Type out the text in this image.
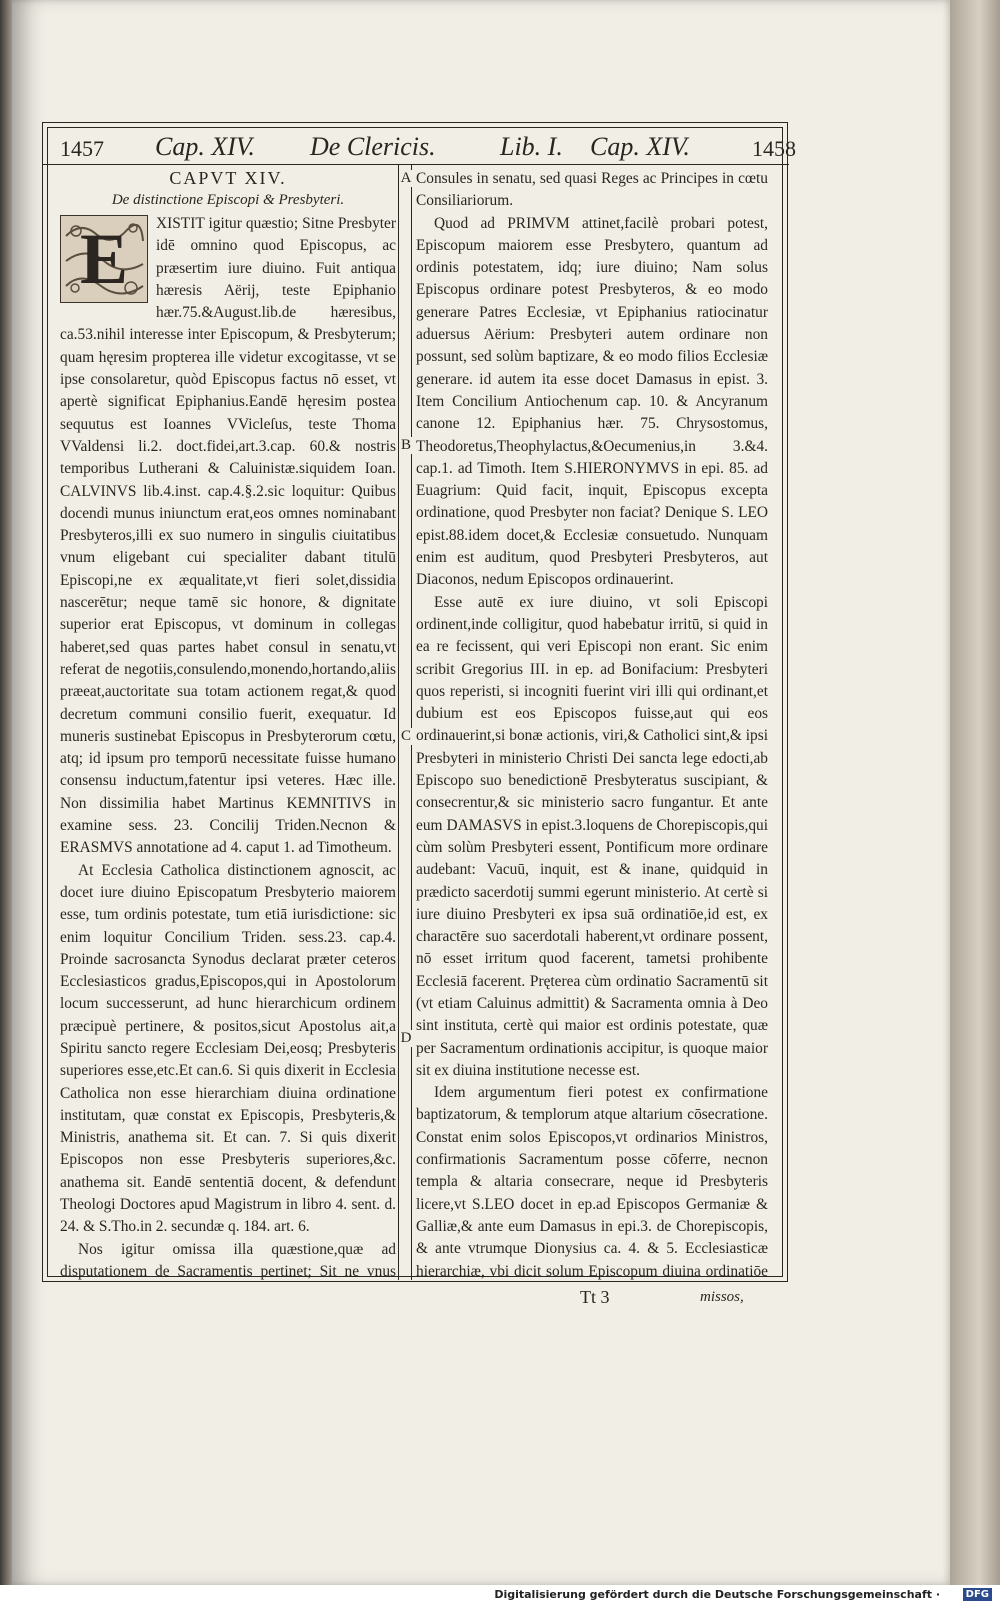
1457 Cap. XIV. De Clericis. Lib. I. Cap. XIV.	1458
A
B
C
D
CAPVT XIV.
De distinctione Episcopi & Presbyteri.

E	XISTIT igitur quæstio; Sitne Presbyter idē omnino quod Episcopus, ac præsertim iure diuino. Fuit antiqua hæresis Aërij, teste Epiphanio hær.75.&August.lib.de hæresibus, ca.53.nihil interesse inter Episcopum, & Presbyterum; quam hęresim propterea ille videtur excogitasse, vt se ipse consolaretur, quòd Episcopus factus nō esset, vt apertè significat Epiphanius.Eandē hęresim postea sequutus est Ioannes VVicleſus, teste Thoma VValdensi li.2. doct.fidei,art.3.cap. 60.& nostris temporibus Lutherani & Caluinistæ.siquidem Ioan. CALVINVS lib.4.inst. cap.4.§.2.sic loquitur: Quibus docendi munus iniunctum erat,eos omnes nominabant Presbyteros,illi ex suo numero in singulis ciuitatibus vnum eligebant cui specialiter dabant titulū Episcopi,ne ex æqualitate,vt fieri solet,dissidia nascerētur; neque tamē sic honore, & dignitate superior erat Episcopus, vt dominum in collegas haberet,sed quas partes habet consul in senatu,vt referat de negotiis,consulendo,monendo,hortando,aliis præeat,auctoritate sua totam actionem regat,& quod decretum communi consilio fuerit, exequatur. Id muneris sustinebat Episcopus in Presbyterorum cœtu, atq; id ipsum pro temporū necessitate fuisse humano consensu inductum,fatentur ipsi veteres. Hæc ille. Non dissimilia habet Martinus KEMNITIVS in examine sess. 23. Concilij Triden.Necnon & ERASMVS annotatione ad 4. caput 1. ad Timotheum.

At Ecclesia Catholica distinctionem agnoscit, ac docet iure diuino Episcopatum Presbyterio maiorem esse, tum ordinis potestate, tum etiā iurisdictione: sic enim loquitur Concilium Triden. sess.23. cap.4. Proinde sacrosancta Synodus declarat præter ceteros Ecclesiasticos gradus,Episcopos,qui in Apostolorum locum successerunt, ad hunc hierarchicum ordinem præcipuè pertinere, & positos,sicut Apostolus ait,a Spiritu sancto regere Ecclesiam Dei,eosq; Presbyteris superiores esse,etc.Et can.6. Si quis dixerit in Ecclesia Catholica non esse hierarchiam diuina ordinatione institutam, quæ constat ex Episcopis, Presbyteris,& Ministris, anathema sit. Et can. 7. Si quis dixerit Episcopos non esse Presbyteris superiores,&c. anathema sit. Eandē sententiā docent, & defendunt Theologi Doctores apud Magistrum in libro 4. sent. d. 24. & S.Tho.in 2. secundæ q. 184. art. 6.

Nos igitur omissa illa quæstione,quæ ad disputationem de Sacramentis pertinet; Sit ne vnus

Consules in senatu, sed quasi Reges ac Principes in cœtu Consiliariorum.

Quod ad PRIMVM attinet,facilè probari potest, Episcopum maiorem esse Presbytero, quantum ad ordinis potestatem, idq; iure diuino; Nam solus Episcopus ordinare potest Presbyteros, & eo modo generare Patres Ecclesiæ, vt Epiphanius ratiocinatur aduersus Aërium: Presbyteri autem ordinare non possunt, sed solùm baptizare, & eo modo filios Ecclesiæ generare. id autem ita esse docet Damasus in epist. 3. Item Concilium Antiochenum cap. 10. & Ancyranum canone 12. Epiphanius hær. 75. Chrysostomus, Theodoretus,Theophylactus,&Oecumenius,in 3.&4. cap.1. ad Timoth. Item S.HIERONYMVS in epi. 85. ad Euagrium: Quid facit, inquit, Episcopus excepta ordinatione, quod Presbyter non faciat? Denique S. LEO epist.88.idem docet,& Ecclesiæ consuetudo. Nunquam enim est auditum, quod Presbyteri Presbyteros, aut Diaconos, nedum Episcopos ordinauerint.

Esse autē ex iure diuino, vt soli Episcopi ordinent,inde colligitur, quod habebatur irritū, si quid in ea re fecissent, qui veri Episcopi non erant. Sic enim scribit Gregorius III. in ep. ad Bonifacium: Presbyteri quos reperisti, si incogniti fuerint viri illi qui ordinant,et dubium est eos Episcopos fuisse,aut qui eos ordinauerint,si bonæ actionis, viri,& Catholici sint,& ipsi Presbyteri in ministerio Christi Dei sancta lege edocti,ab Episcopo suo benedictionē Presbyteratus suscipiant, & consecrentur,& sic ministerio sacro fungantur. Et ante eum DAMASVS in epist.3.loquens de Chorepiscopis,qui cùm solùm Presbyteri essent, Pontificum more ordinare audebant: Vacuū, inquit, est & inane, quidquid in prædicto sacerdotij summi egerunt ministerio. At certè si iure diuino Presbyteri ex ipsa suā ordinatiōe,id est, ex charactēre suo sacerdotali haberent,vt ordinare possent, nō esset irritum quod facerent, tametsi prohibente Ecclesiā facerent. Pręterea cùm ordinatio Sacramentū sit (vt etiam Caluinus admittit) & Sacramenta omnia à Deo sint instituta, certè qui maior est ordinis potestate, quæ per Sacramentum ordinationis accipitur, is quoque maior sit ex diuina institutione necesse est.

Idem argumentum fieri potest ex confirmatione baptizatorum, & templorum atque altarium cōsecratione. Constat enim solos Episcopos,vt ordinarios Ministros, confirmationis Sacramentum posse cōferre, necnon templa & altaria consecrare, neque id Presbyteris licere,vt S.LEO docet in ep.ad Episcopos Germaniæ & Galliæ,& ante eum Damasus in epi.3. de Chorepiscopis, & ante vtrumque Dionysius ca. 4. & 5. Ecclesiasticæ hierarchiæ, vbi dicit solum Episcopum diuina ordinatiōe

Tt 3	missos,
Digitalisierung gefördert durch die Deutsche Forschungsgemeinschaft ·	DFG
